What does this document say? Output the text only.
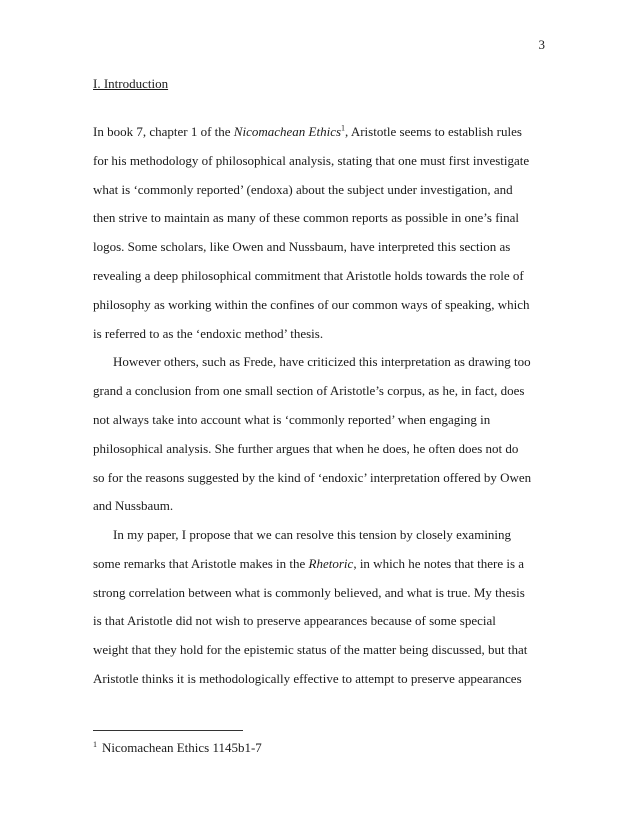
3
I. Introduction
In book 7, chapter 1 of the Nicomachean Ethics$^1$, Aristotle seems to establish rules
for his methodology of philosophical analysis, stating that one must first investigate
what is ‘commonly reported’ (endoxa) about the subject under investigation, and
then strive to maintain as many of these common reports as possible in one’s final
logos. Some scholars, like Owen and Nussbaum, have interpreted this section as
revealing a deep philosophical commitment that Aristotle holds towards the role of
philosophy as working within the confines of our common ways of speaking, which
is referred to as the ‘endoxic method’ thesis.
However others, such as Frede, have criticized this interpretation as drawing too
grand a conclusion from one small section of Aristotle’s corpus, as he, in fact, does
not always take into account what is ‘commonly reported’ when engaging in
philosophical analysis. She further argues that when he does, he often does not do
so for the reasons suggested by the kind of ‘endoxic’ interpretation offered by Owen
and Nussbaum.
In my paper, I propose that we can resolve this tension by closely examining
some remarks that Aristotle makes in the Rhetoric, in which he notes that there is a
strong correlation between what is commonly believed, and what is true. My thesis
is that Aristotle did not wish to preserve appearances because of some special
weight that they hold for the epistemic status of the matter being discussed, but that
Aristotle thinks it is methodologically effective to attempt to preserve appearances
$^1$ Nicomachean Ethics 1145b1-7
